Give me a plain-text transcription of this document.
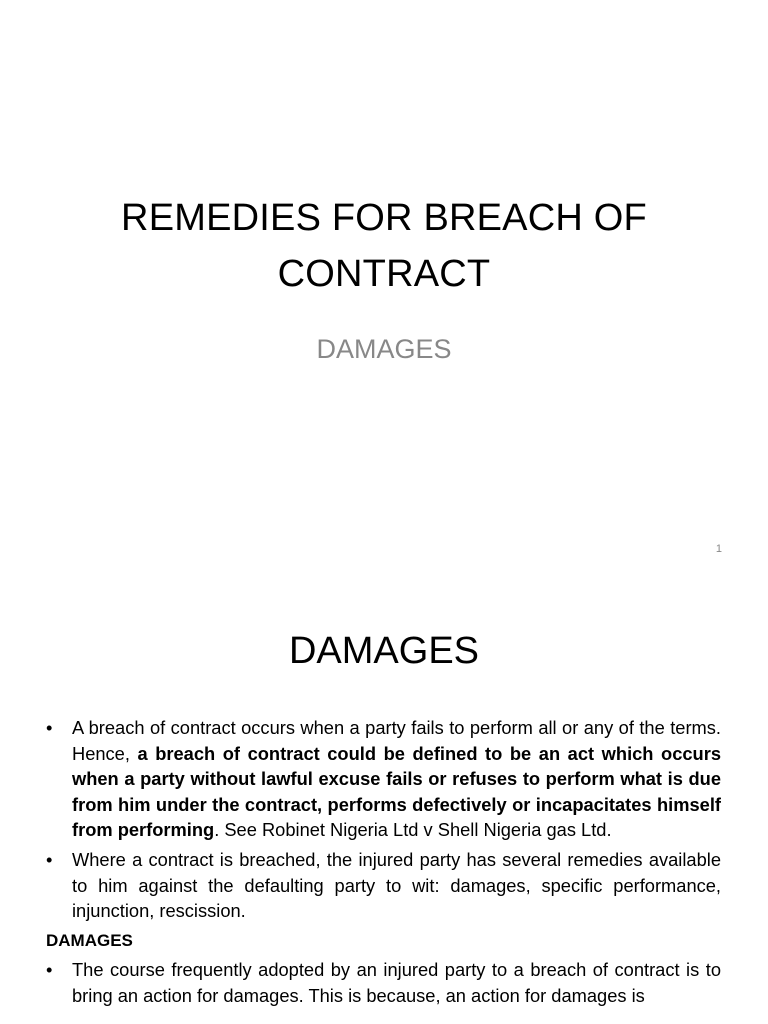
REMEDIES FOR BREACH OF CONTRACT
DAMAGES
1
DAMAGES
• A breach of contract occurs when a party fails to perform all or any of the terms. Hence, a breach of contract could be defined to be an act which occurs when a party without lawful excuse fails or refuses to perform what is due from him under the contract, performs defectively or incapacitates himself from performing. See Robinet Nigeria Ltd v Shell Nigeria gas Ltd.
• Where a contract is breached, the injured party has several remedies available to him against the defaulting party to wit: damages, specific performance, injunction, rescission.
DAMAGES
• The course frequently adopted by an injured party to a breach of contract is to bring an action for damages. This is because, an action for damages is
